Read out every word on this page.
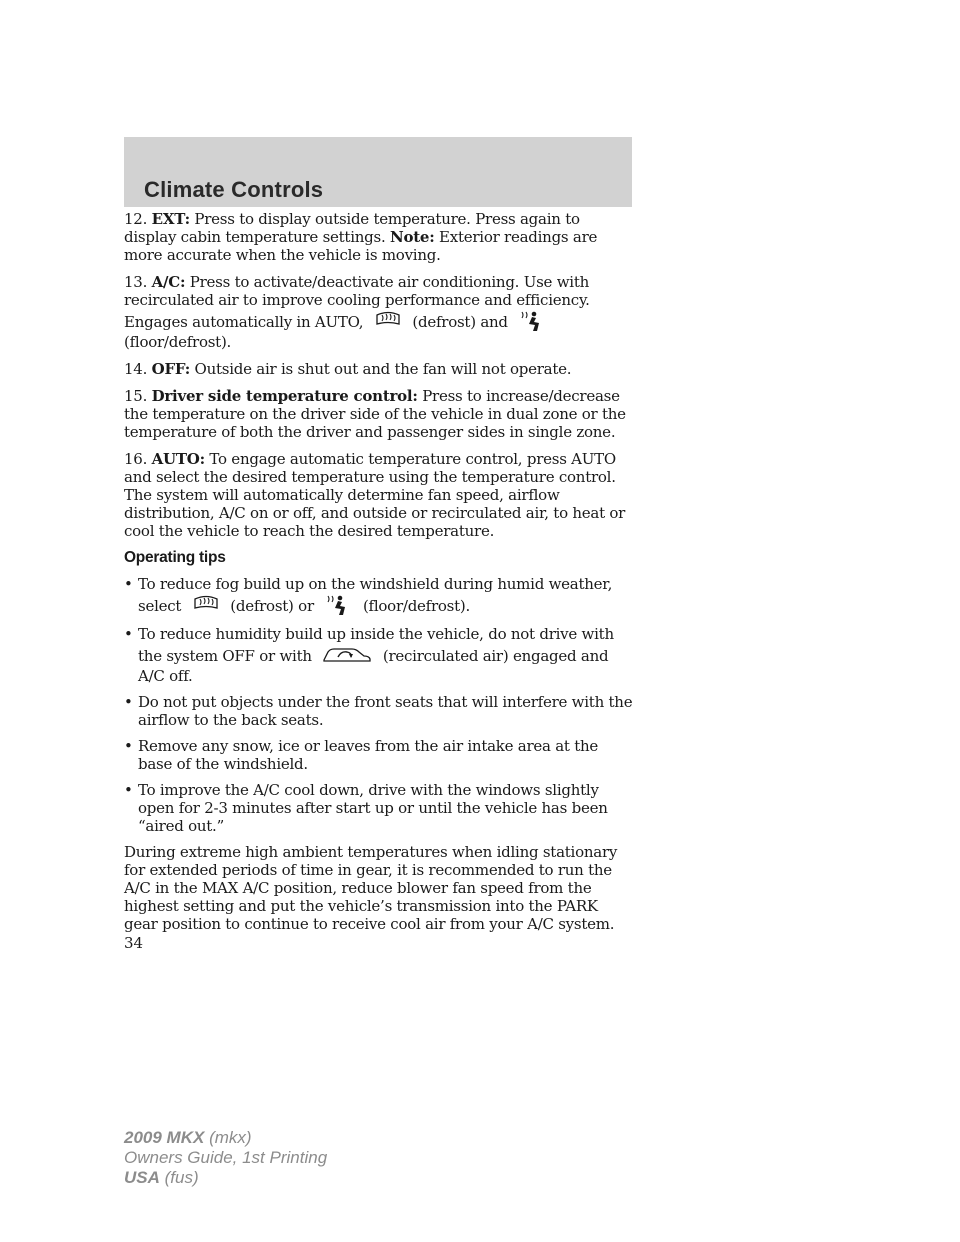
Climate Controls

12. EXT: Press to display outside temperature. Press again to display cabin temperature settings. Note: Exterior readings are more accurate when the vehicle is moving.

13. A/C: Press to activate/deactivate air conditioning. Use with recirculated air to improve cooling performance and efficiency. Engages automatically in AUTO,	(defrost) and
(floor/defrost).

14. OFF: Outside air is shut out and the fan will not operate.

15. Driver side temperature control: Press to increase/decrease the temperature on the driver side of the vehicle in dual zone or the temperature of both the driver and passenger sides in single zone.

16. AUTO: To engage automatic temperature control, press AUTO and select the desired temperature using the temperature control. The system will automatically determine fan speed, airflow distribution, A/C on or off, and outside or recirculated air, to heat or cool the vehicle to reach the desired temperature.

Operating tips
• To reduce fog build up on the windshield during humid weather, select	(defrost) or	(floor/defrost).
• To reduce humidity build up inside the vehicle, do not drive with the system OFF or with	(recirculated air) engaged and A/C off.
• Do not put objects under the front seats that will interfere with the airflow to the back seats.
• Remove any snow, ice or leaves from the air intake area at the base of the windshield.
• To improve the A/C cool down, drive with the windows slightly open for 2-3 minutes after start up or until the vehicle has been “aired out.”

During extreme high ambient temperatures when idling stationary for extended periods of time in gear, it is recommended to run the A/C in the MAX A/C position, reduce blower fan speed from the highest setting and put the vehicle’s transmission into the PARK gear position to continue to receive cool air from your A/C system.

34
2009 MKX (mkx)
Owners Guide, 1st Printing
USA (fus)
